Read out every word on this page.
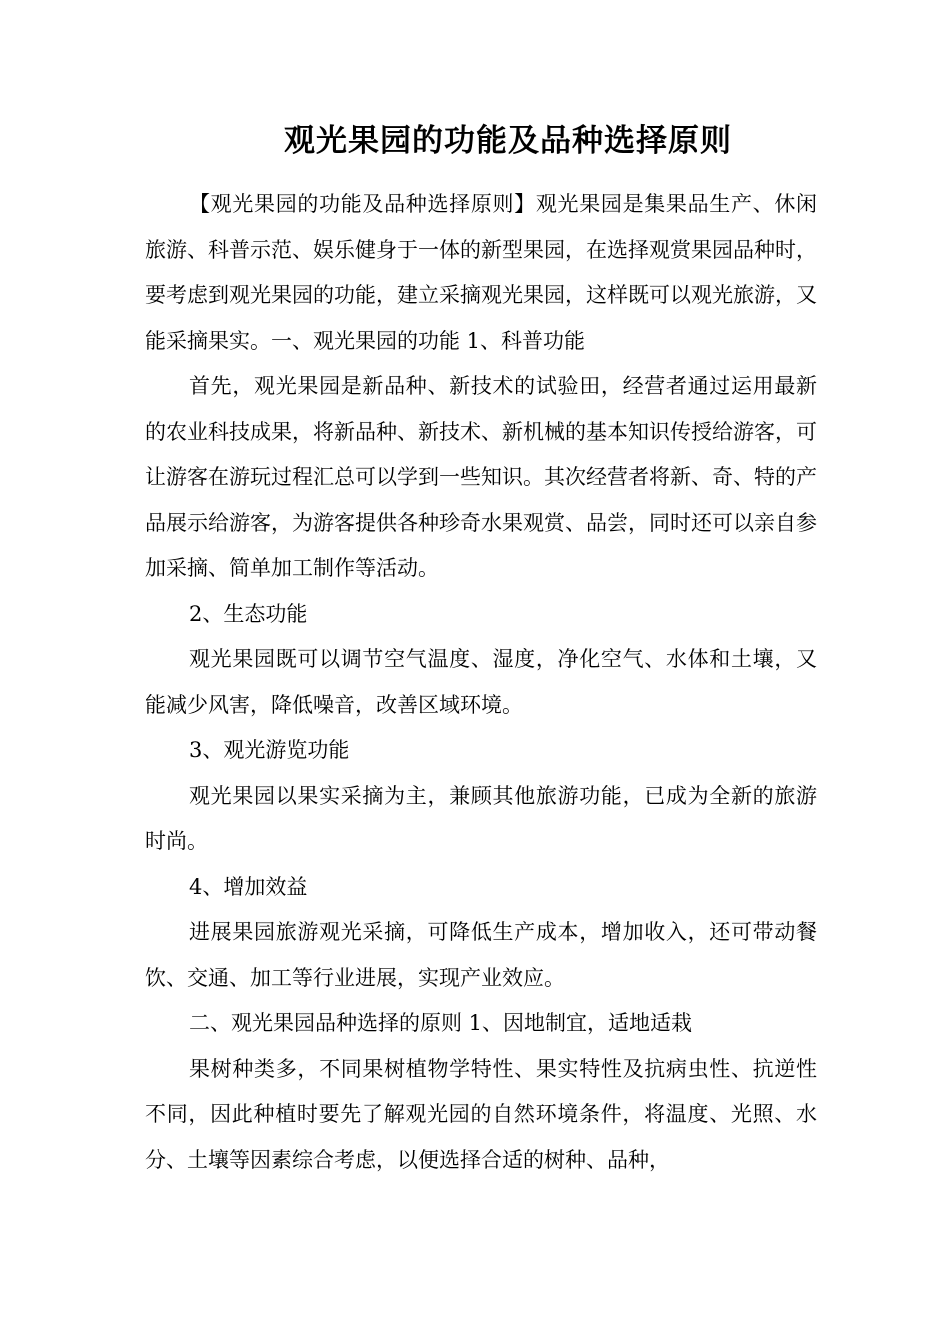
观光果园的功能及品种选择原则

【观光果园的功能及品种选择原则】观光果园是集果品生产、休闲旅游、科普示范、娱乐健身于一体的新型果园，在选择观赏果园品种时，要考虑到观光果园的功能，建立采摘观光果园，这样既可以观光旅游，又能采摘果实。一、观光果园的功能 1、科普功能

首先，观光果园是新品种、新技术的试验田，经营者通过运用最新的农业科技成果，将新品种、新技术、新机械的基本知识传授给游客，可让游客在游玩过程汇总可以学到一些知识。其次经营者将新、奇、特的产品展示给游客，为游客提供各种珍奇水果观赏、品尝，同时还可以亲自参加采摘、简单加工制作等活动。

2、生态功能

观光果园既可以调节空气温度、湿度，净化空气、水体和土壤，又能减少风害，降低噪音，改善区域环境。

3、观光游览功能

观光果园以果实采摘为主，兼顾其他旅游功能，已成为全新的旅游时尚。

4、增加效益

进展果园旅游观光采摘，可降低生产成本，增加收入，还可带动餐饮、交通、加工等行业进展，实现产业效应。

二、观光果园品种选择的原则 1、因地制宜，适地适栽

果树种类多，不同果树植物学特性、果实特性及抗病虫性、抗逆性不同，因此种植时要先了解观光园的自然环境条件，将温度、光照、水分、土壤等因素综合考虑，以便选择合适的树种、品种，
